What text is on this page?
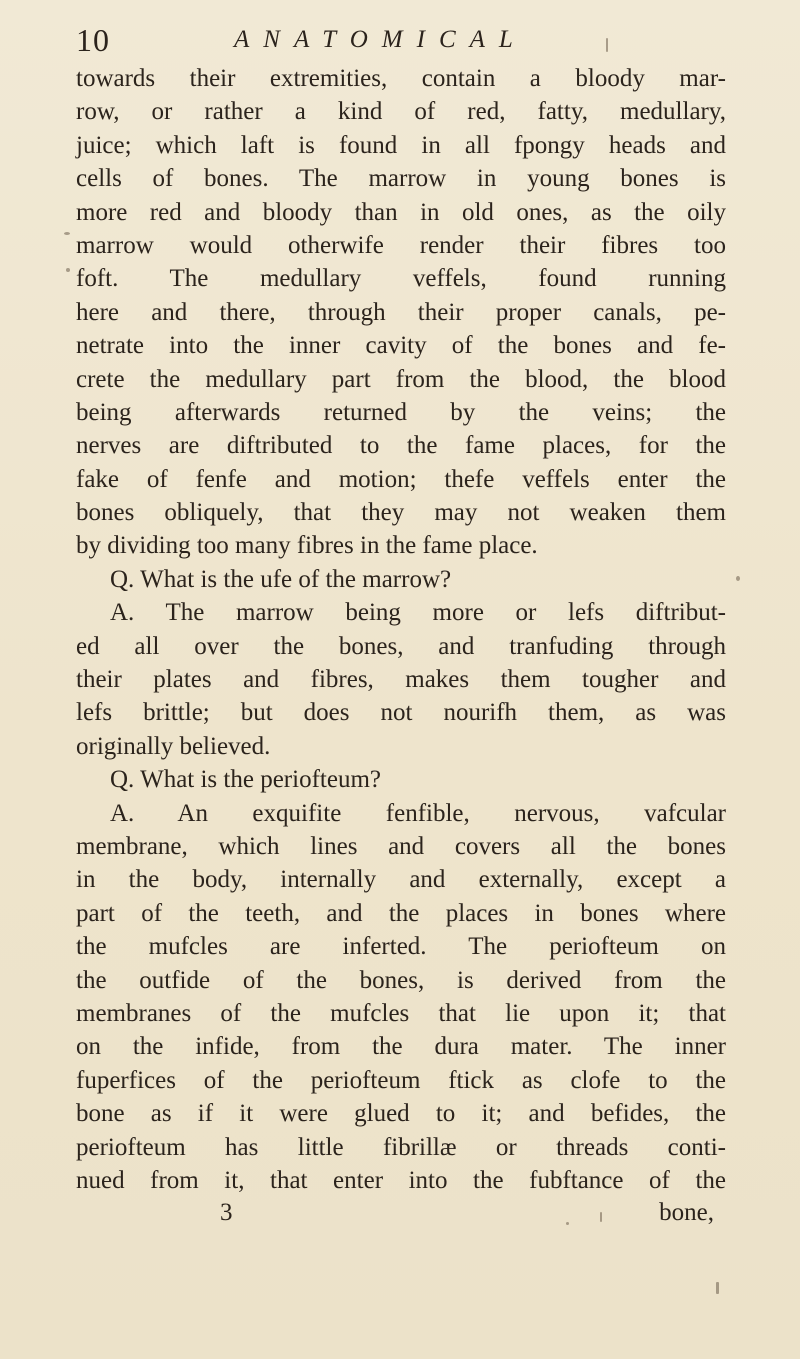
10	ANATOMICAL
towards their extremities, contain a bloody mar-
row, or rather a kind of red, fatty, medullary,
juice; which laft is found in all fpongy heads and
cells of bones. The marrow in young bones is
more red and bloody than in old ones, as the oily
marrow would otherwife render their fibres too
foft. The medullary veffels, found running
here and there, through their proper canals, pe-
netrate into the inner cavity of the bones and fe-
crete the medullary part from the blood, the blood
being afterwards returned by the veins; the
nerves are diftributed to the fame places, for the
fake of fenfe and motion; thefe veffels enter the
bones obliquely, that they may not weaken them
by dividing too many fibres in the fame place.
Q. What is the ufe of the marrow?
A. The marrow being more or lefs diftribut-
ed all over the bones, and tranfuding through
their plates and fibres, makes them tougher and
lefs brittle; but does not nourifh them, as was
originally believed.
Q. What is the periofteum?
A. An exquifite fenfible, nervous, vafcular
membrane, which lines and covers all the bones
in the body, internally and externally, except a
part of the teeth, and the places in bones where
the mufcles are inferted. The periofteum on
the outfide of the bones, is derived from the
membranes of the mufcles that lie upon it; that
on the infide, from the dura mater. The inner
fuperfices of the periofteum ftick as clofe to the
bone as if it were glued to it; and befides, the
periofteum has little fibrillæ or threads conti-
nued from it, that enter into the fubftance of the
3	bone,
